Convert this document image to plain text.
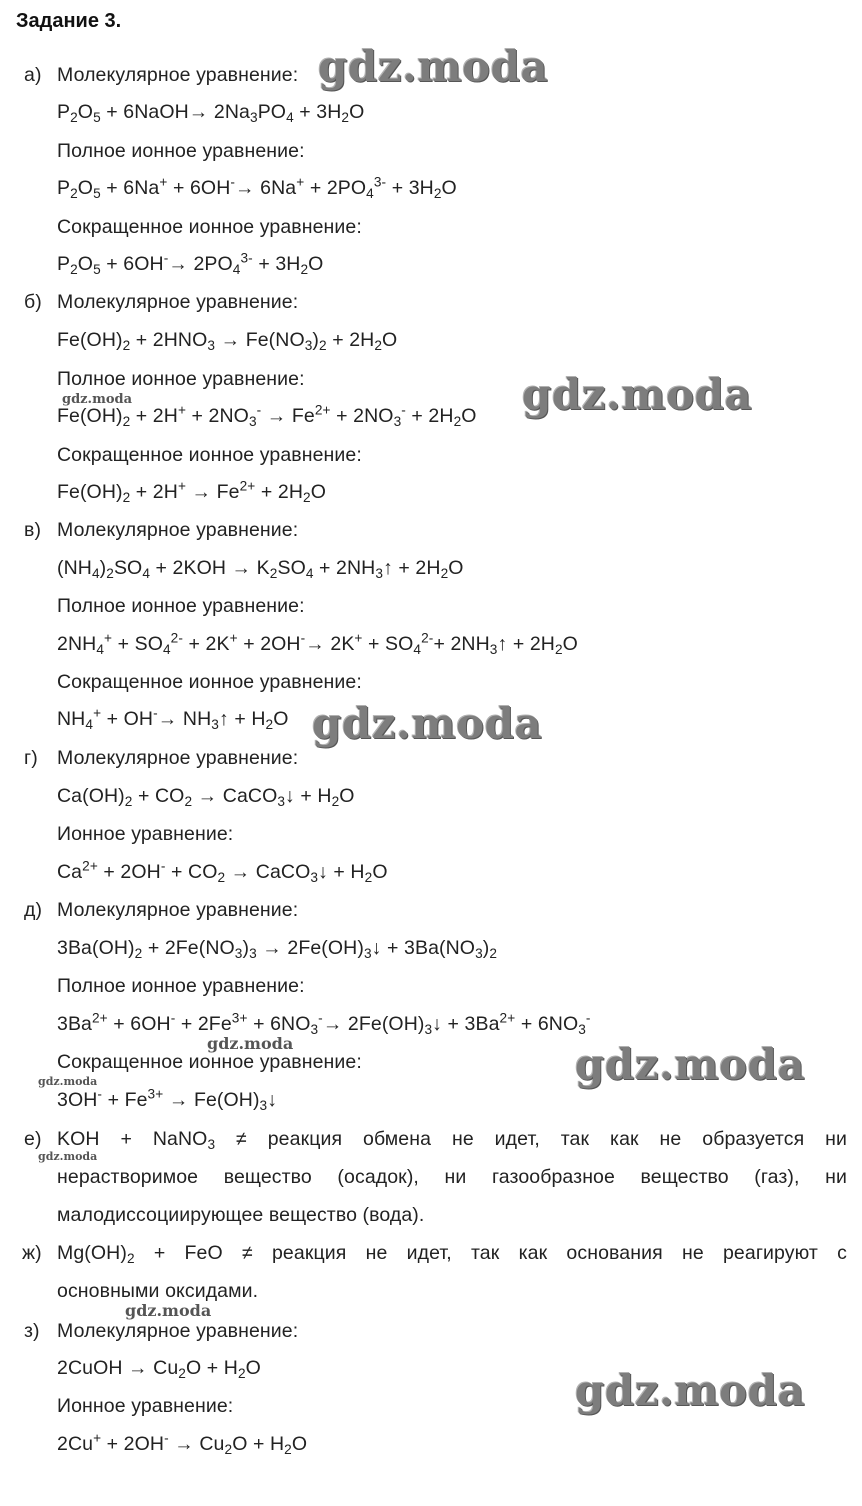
Задание 3.
а)
б)
в)
г)
д)
е)
ж)
з)
Молекулярное уравнение:
$P_2O_5$ + 6NaOH→ $2Na_3PO_4 + 3H_2O$
Полное ионное уравнение:
$P_2O_5 + 6Na^+ + 6OH^-\to 6Na^+ + 2PO_4^{3-} + 3H_2O$
Сокращенное ионное уравнение:
$P_2O_5 + 6OH^-\to 2PO_4^{3-} + 3H_2O$
Молекулярное уравнение:
$Fe(OH)_2 + 2HNO_3 \to Fe(NO_3)_2 + 2H_2O$
Полное ионное уравнение:
$Fe(OH)_2 + 2H^+ + 2NO_3^- \to Fe^{2+} + 2NO_3^- + 2H_2O$
Сокращенное ионное уравнение:
$Fe(OH)_2 + 2H^+ \to Fe^{2+} + 2H_2O$
Молекулярное уравнение:
$(NH_4)_2SO_4 + 2KOH \to K_2SO_4$ + $2NH_3↑ + 2H_2O$
Полное ионное уравнение:
$2NH_4^+ + SO_4^{2-} + 2K^+ + 2OH^-\to 2K^+ + SO_4^{2-}+$ $2NH_3↑ + 2H_2O$
Сокращенное ионное уравнение:
$NH_4^+ + OH^-\to$ $NH_3↑ + H_2O$
Молекулярное уравнение:
$Ca(OH)_2 + CO_2$ → CaCO$_3$↓ + $H_2O$
Ионное уравнение:
$Ca^{2+} + 2OH^- + CO_2$ → CaCO$_3$↓ + $H_2O$
Молекулярное уравнение:
$3Ba(OH)_2 + 2Fe(NO_3)_3$ → $2Fe(OH)_3↓ + 3Ba(NO_3)_2$
Полное ионное уравнение:
$3Ba^{2+} + 6OH^- + 2Fe^{3+} + 6NO_3^-\to$ $2Fe(OH)_3↓ + 3Ba^{2+} + 6NO_3^-$
Сокращенное ионное уравнение:
$3OH^- + Fe^{3+}$ → $Fe(OH)_3↓$
KOH + NaNO$_3$ ≠ реакция обмена не идет, так как не образуется ни
нерастворимое вещество (осадок), ни газообразное вещество (газ), ни
малодиссоциирующее вещество (вода).
$Mg(OH)_2$ + FeO ≠ реакция не идет, так как основания не реагируют с
основными оксидами.
Молекулярное уравнение:
2CuOH → $Cu_2O + H_2O$
Ионное уравнение:
$2Cu^+ + 2OH^- \to Cu_2O + H_2O$
gdz.moda
gdz.moda
gdz.moda
gdz.moda
gdz.moda
gdz.moda
gdz.moda
gdz.moda
gdz.moda
gdz.moda
